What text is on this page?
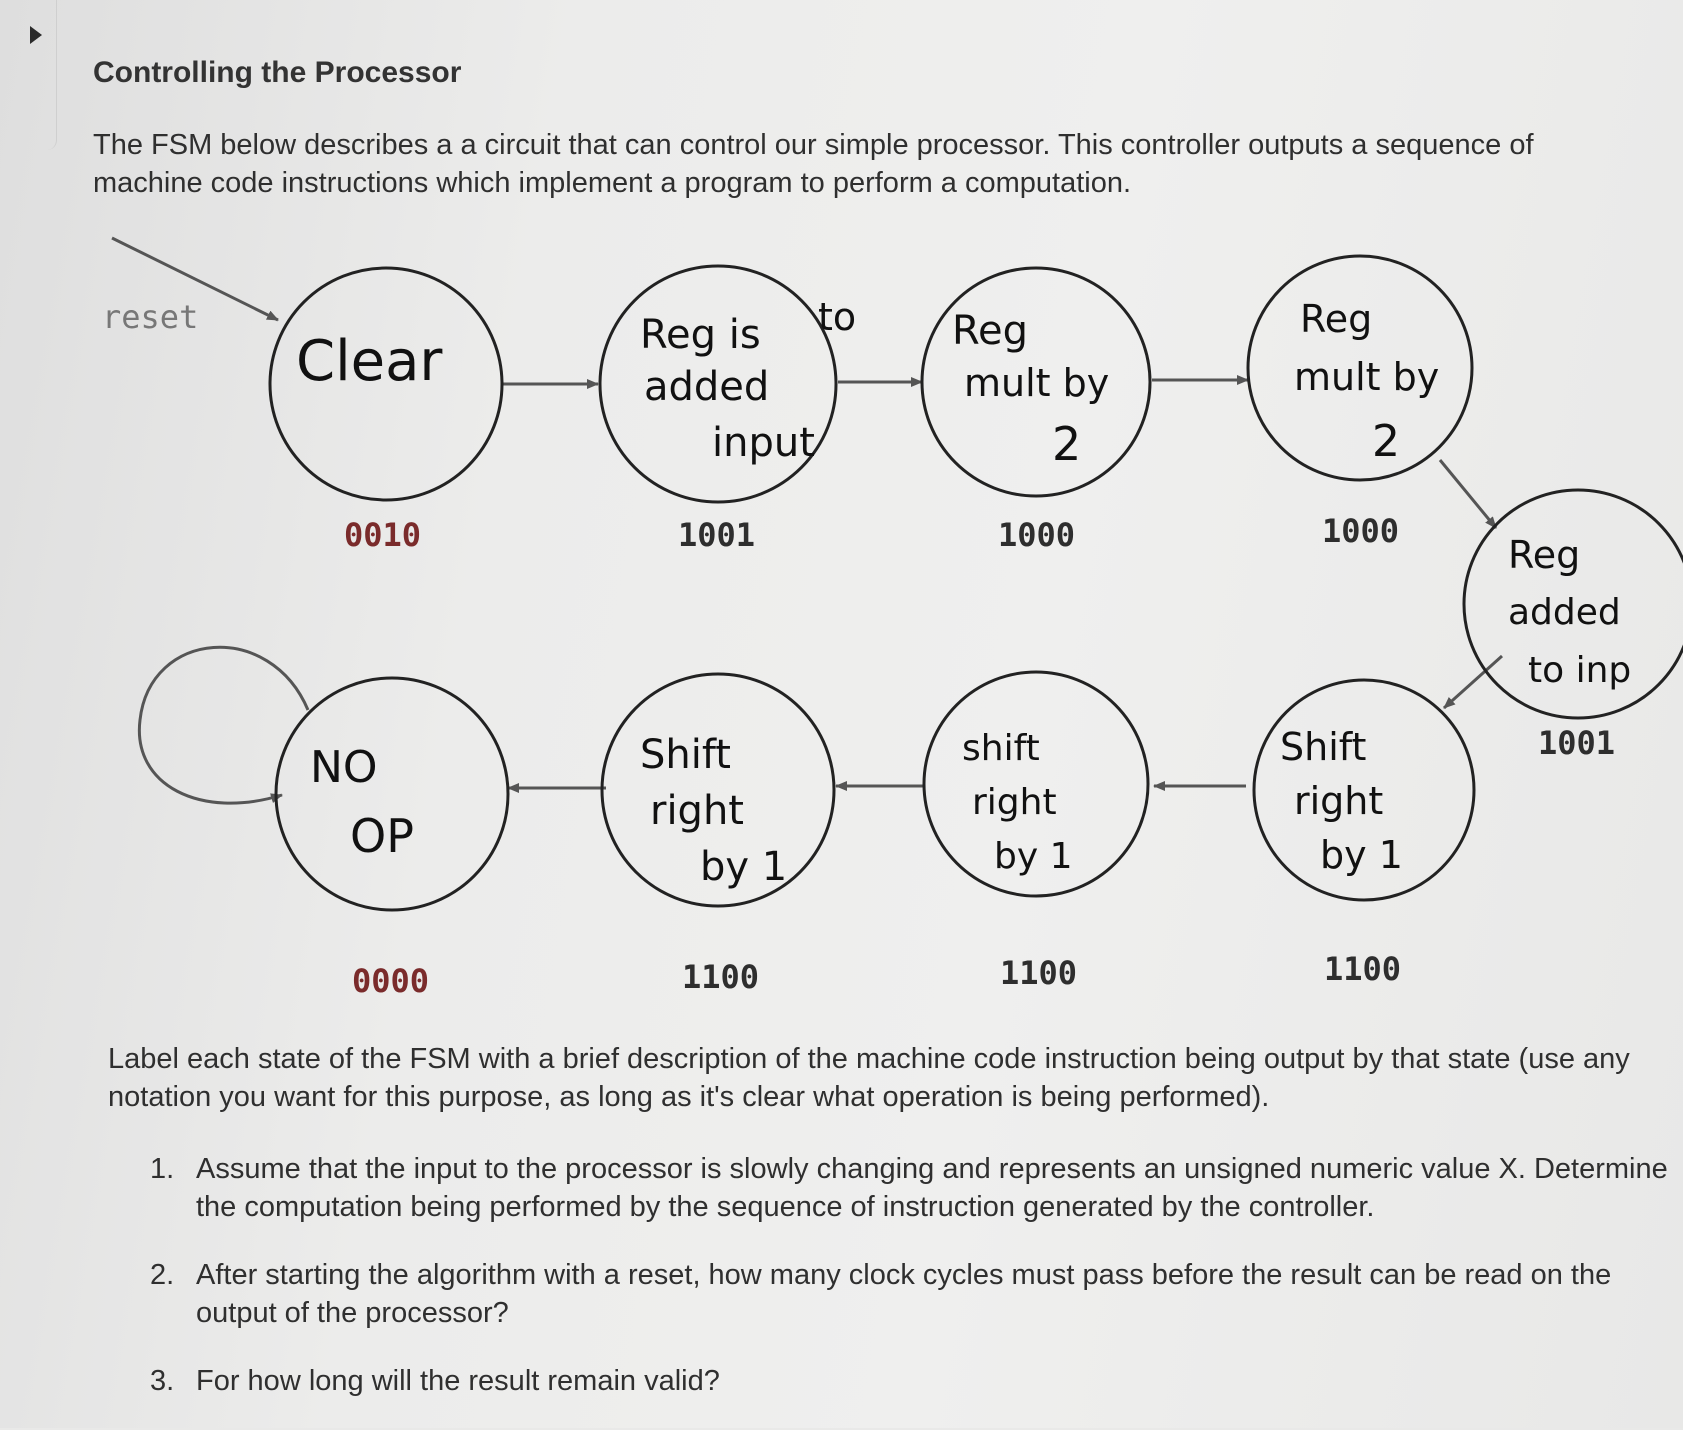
Controlling the Processor

The FSM below describes a a circuit that can control our simple processor. This controller outputs a sequence of machine code instructions which implement a program to perform a computation.

reset
Clear	Reg is to
added
input
Reg
mult by
2
Reg
mult by
2
Reg
added
to inp
Shift
right
by 1
shift
right
by 1
Shift
right
by 1
NO
OP
0010	1001	1000	1000
1001
1100
1100
1100
0000

Label each state of the FSM with a brief description of the machine code instruction being output by that state (use any notation you want for this purpose, as long as it's clear what operation is being performed).

1. Assume that the input to the processor is slowly changing and represents an unsigned numeric value X. Determine the computation being performed by the sequence of instruction generated by the controller.
2. After starting the algorithm with a reset, how many clock cycles must pass before the result can be read on the output of the processor?
3. For how long will the result remain valid?
